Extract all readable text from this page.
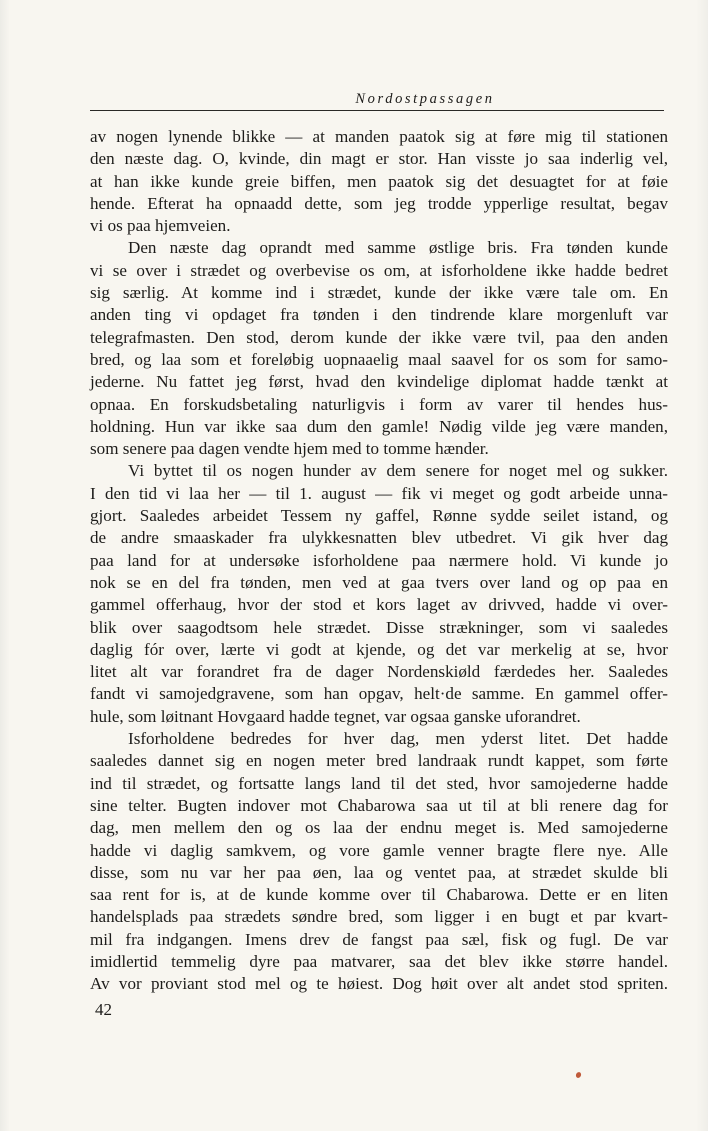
Nordostpassagen
av nogen lynende blikke — at manden paatok sig at føre mig til stationen
den næste dag. O, kvinde, din magt er stor. Han visste jo saa inderlig vel,
at han ikke kunde greie biffen, men paatok sig det desuagtet for at føie
hende. Efterat ha opnaadd dette, som jeg trodde ypperlige resultat, begav
vi os paa hjemveien.
Den næste dag oprandt med samme østlige bris. Fra tønden kunde
vi se over i strædet og overbevise os om, at isforholdene ikke hadde bedret
sig særlig. At komme ind i strædet, kunde der ikke være tale om. En
anden ting vi opdaget fra tønden i den tindrende klare morgenluft var
telegrafmasten. Den stod, derom kunde der ikke være tvil, paa den anden
bred, og laa som et foreløbig uopnaaelig maal saavel for os som for samo-
jederne. Nu fattet jeg først, hvad den kvindelige diplomat hadde tænkt at
opnaa. En forskudsbetaling naturligvis i form av varer til hendes hus-
holdning. Hun var ikke saa dum den gamle! Nødig vilde jeg være manden,
som senere paa dagen vendte hjem med to tomme hænder.
Vi byttet til os nogen hunder av dem senere for noget mel og sukker.
I den tid vi laa her — til 1. august — fik vi meget og godt arbeide unna-
gjort. Saaledes arbeidet Tessem ny gaffel, Rønne sydde seilet istand, og
de andre smaaskader fra ulykkesnatten blev utbedret. Vi gik hver dag
paa land for at undersøke isforholdene paa nærmere hold. Vi kunde jo
nok se en del fra tønden, men ved at gaa tvers over land og op paa en
gammel offerhaug, hvor der stod et kors laget av drivved, hadde vi over-
blik over saagodtsom hele strædet. Disse strækninger, som vi saaledes
daglig fór over, lærte vi godt at kjende, og det var merkelig at se, hvor
litet alt var forandret fra de dager Nordenskiøld færdedes her. Saaledes
fandt vi samojedgravene, som han opgav, helt·de samme. En gammel offer-
hule, som løitnant Hovgaard hadde tegnet, var ogsaa ganske uforandret.
Isforholdene bedredes for hver dag, men yderst litet. Det hadde
saaledes dannet sig en nogen meter bred landraak rundt kappet, som førte
ind til strædet, og fortsatte langs land til det sted, hvor samojederne hadde
sine telter. Bugten indover mot Chabarowa saa ut til at bli renere dag for
dag, men mellem den og os laa der endnu meget is. Med samojederne
hadde vi daglig samkvem, og vore gamle venner bragte flere nye. Alle
disse, som nu var her paa øen, laa og ventet paa, at strædet skulde bli
saa rent for is, at de kunde komme over til Chabarowa. Dette er en liten
handelsplads paa strædets søndre bred, som ligger i en bugt et par kvart-
mil fra indgangen. Imens drev de fangst paa sæl, fisk og fugl. De var
imidlertid temmelig dyre paa matvarer, saa det blev ikke større handel.
Av vor proviant stod mel og te høiest. Dog høit over alt andet stod spriten.
42
